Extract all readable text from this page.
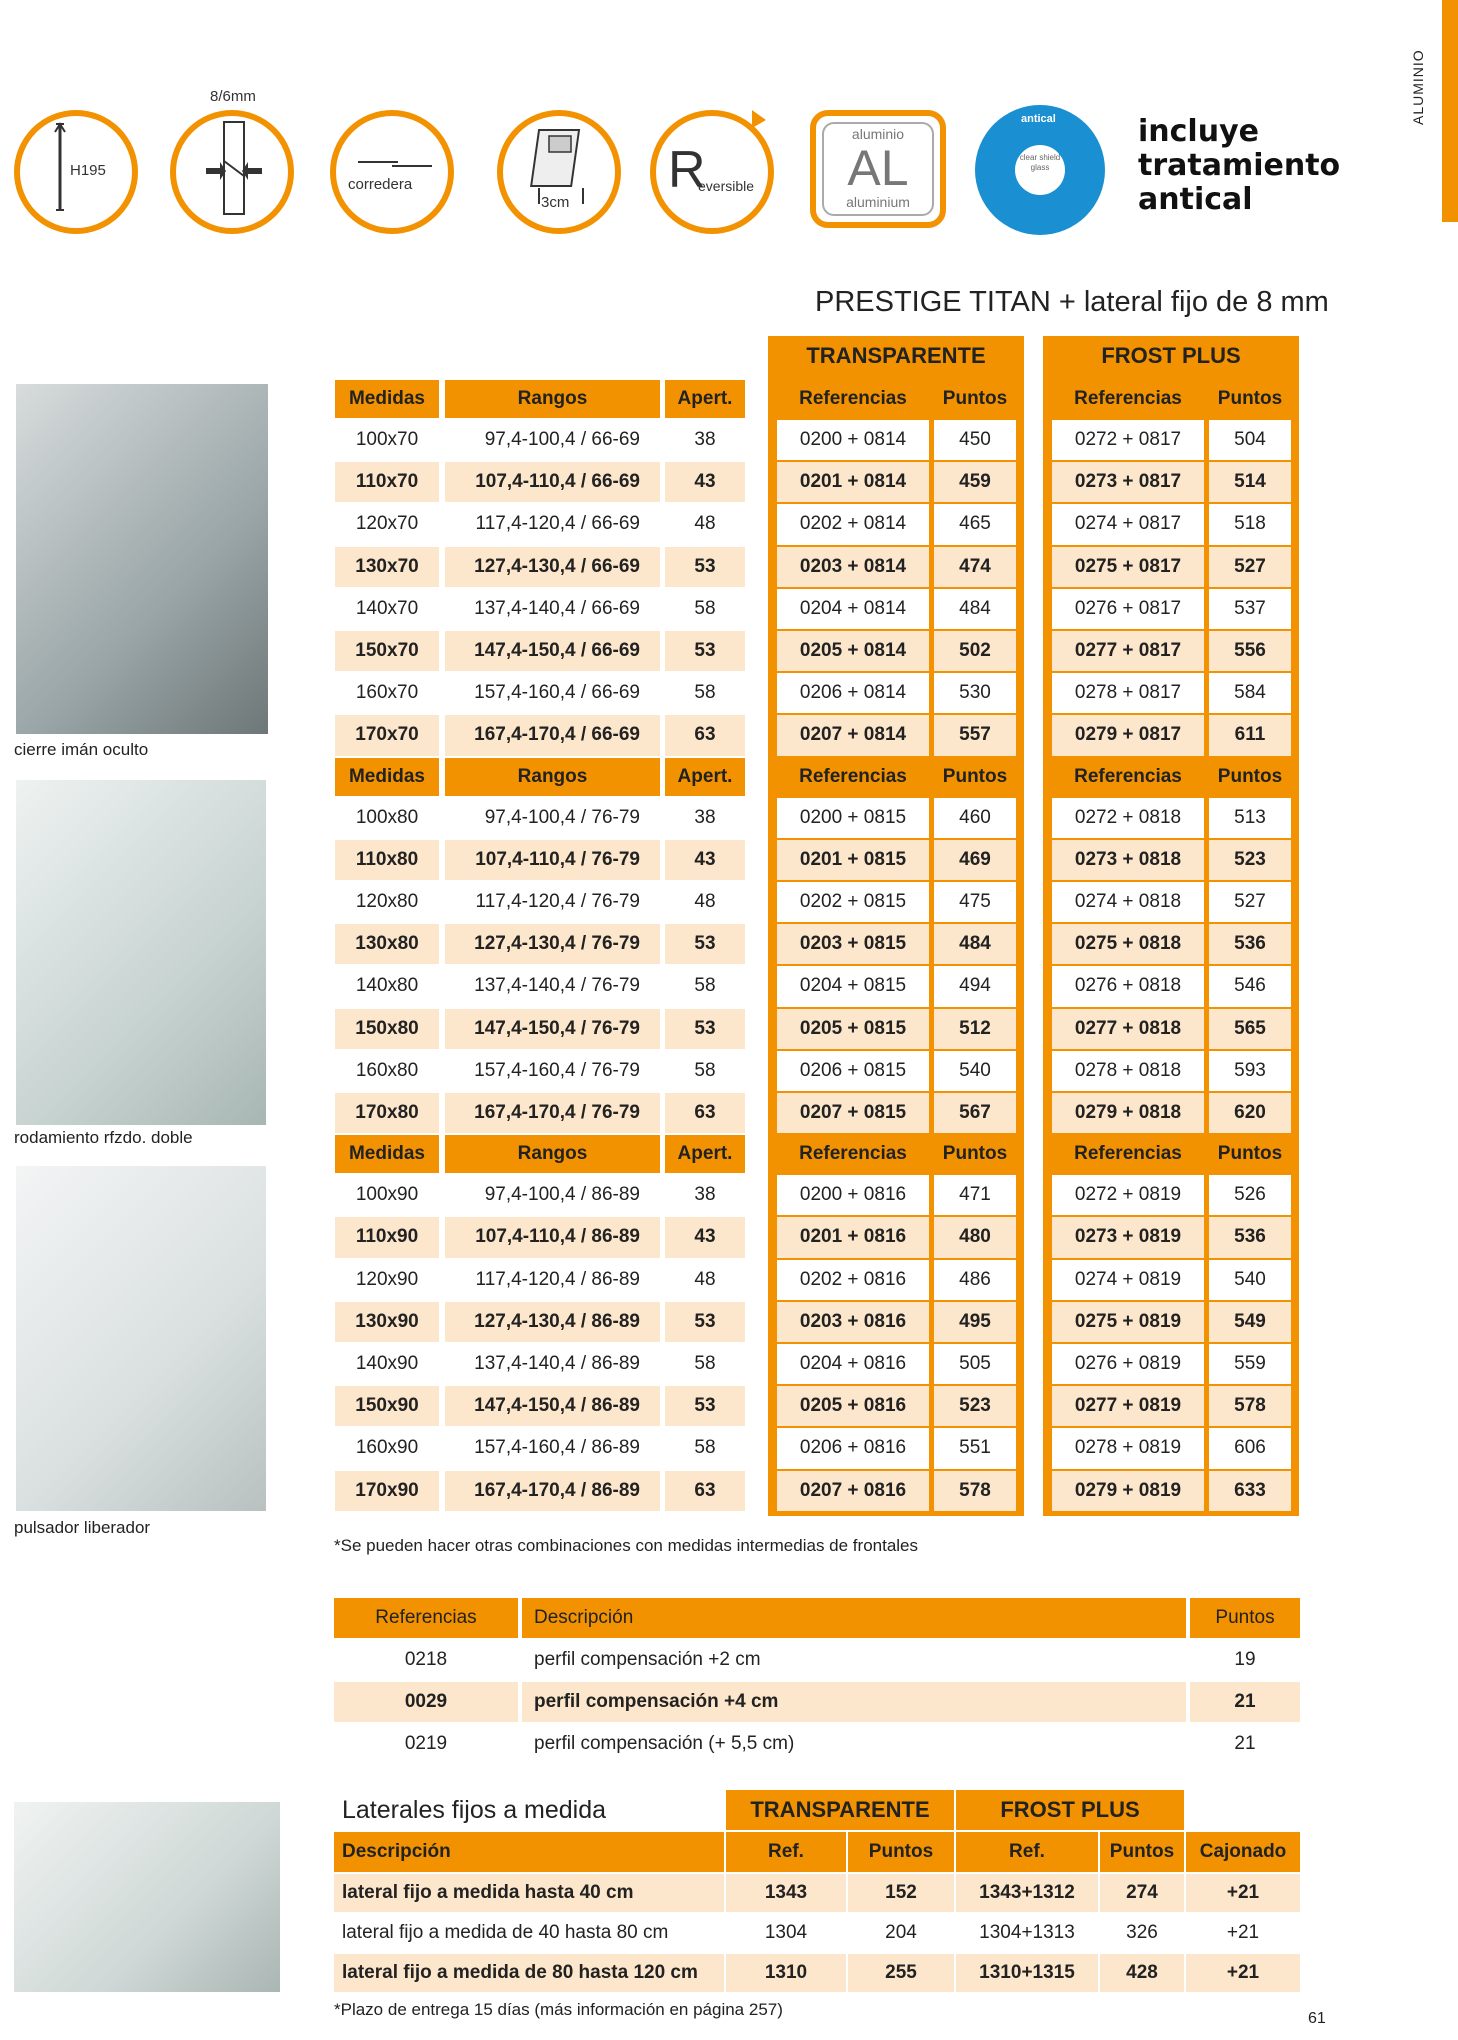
ALUMINIO
H195
8/6mm
corredera
3cm
R
eversible
aluminio
AL
aluminium
antical
clear shield glass
incluye
tratamiento
antical
PRESTIGE TITAN + lateral fijo de 8 mm
cierre imán oculto
rodamiento rfzdo. doble
pulsador liberador
*Se pueden hacer otras combinaciones con medidas intermedias de frontales
*Plazo de entrega 15 días (más información en página 257)	61
TRANSPARENTE	FROST PLUS
Medidas	Rangos	Apert.	Referencias	Puntos	Referencias	Puntos
100x70	97,4-100,4 / 66-69	38	0200 + 0814	450	0272 + 0817	504
110x70	107,4-110,4 / 66-69	43	0201 + 0814	459	0273 + 0817	514
120x70	117,4-120,4 / 66-69	48	0202 + 0814	465	0274 + 0817	518
130x70	127,4-130,4 / 66-69	53	0203 + 0814	474	0275 + 0817	527
140x70	137,4-140,4 / 66-69	58	0204 + 0814	484	0276 + 0817	537
150x70	147,4-150,4 / 66-69	53	0205 + 0814	502	0277 + 0817	556
160x70	157,4-160,4 / 66-69	58	0206 + 0814	530	0278 + 0817	584
170x70	167,4-170,4 / 66-69	63	0207 + 0814	557	0279 + 0817	611
Medidas	Rangos	Apert.	Referencias	Puntos	Referencias	Puntos
100x80	97,4-100,4 / 76-79	38	0200 + 0815	460	0272 + 0818	513
110x80	107,4-110,4 / 76-79	43	0201 + 0815	469	0273 + 0818	523
120x80	117,4-120,4 / 76-79	48	0202 + 0815	475	0274 + 0818	527
130x80	127,4-130,4 / 76-79	53	0203 + 0815	484	0275 + 0818	536
140x80	137,4-140,4 / 76-79	58	0204 + 0815	494	0276 + 0818	546
150x80	147,4-150,4 / 76-79	53	0205 + 0815	512	0277 + 0818	565
160x80	157,4-160,4 / 76-79	58	0206 + 0815	540	0278 + 0818	593
170x80	167,4-170,4 / 76-79	63	0207 + 0815	567	0279 + 0818	620
Medidas	Rangos	Apert.	Referencias	Puntos	Referencias	Puntos
100x90	97,4-100,4 / 86-89	38	0200 + 0816	471	0272 + 0819	526
110x90	107,4-110,4 / 86-89	43	0201 + 0816	480	0273 + 0819	536
120x90	117,4-120,4 / 86-89	48	0202 + 0816	486	0274 + 0819	540
130x90	127,4-130,4 / 86-89	53	0203 + 0816	495	0275 + 0819	549
140x90	137,4-140,4 / 86-89	58	0204 + 0816	505	0276 + 0819	559
150x90	147,4-150,4 / 86-89	53	0205 + 0816	523	0277 + 0819	578
160x90	157,4-160,4 / 86-89	58	0206 + 0816	551	0278 + 0819	606
170x90	167,4-170,4 / 86-89	63	0207 + 0816	578	0279 + 0819	633
Referencias	Descripción	Puntos
0218	perfil compensación +2 cm	19
0029	perfil compensación +4 cm	21
0219	perfil compensación (+ 5,5 cm)	21
Laterales fijos a medida	TRANSPARENTE	FROST PLUS
Descripción	Ref.	Puntos	Ref.	Puntos	Cajonado
lateral fijo a medida hasta 40 cm	1343	152	1343+1312	274	+21
lateral fijo a medida de 40 hasta 80 cm	1304	204	1304+1313	326	+21
lateral fijo a medida de 80 hasta 120 cm	1310	255	1310+1315	428	+21
